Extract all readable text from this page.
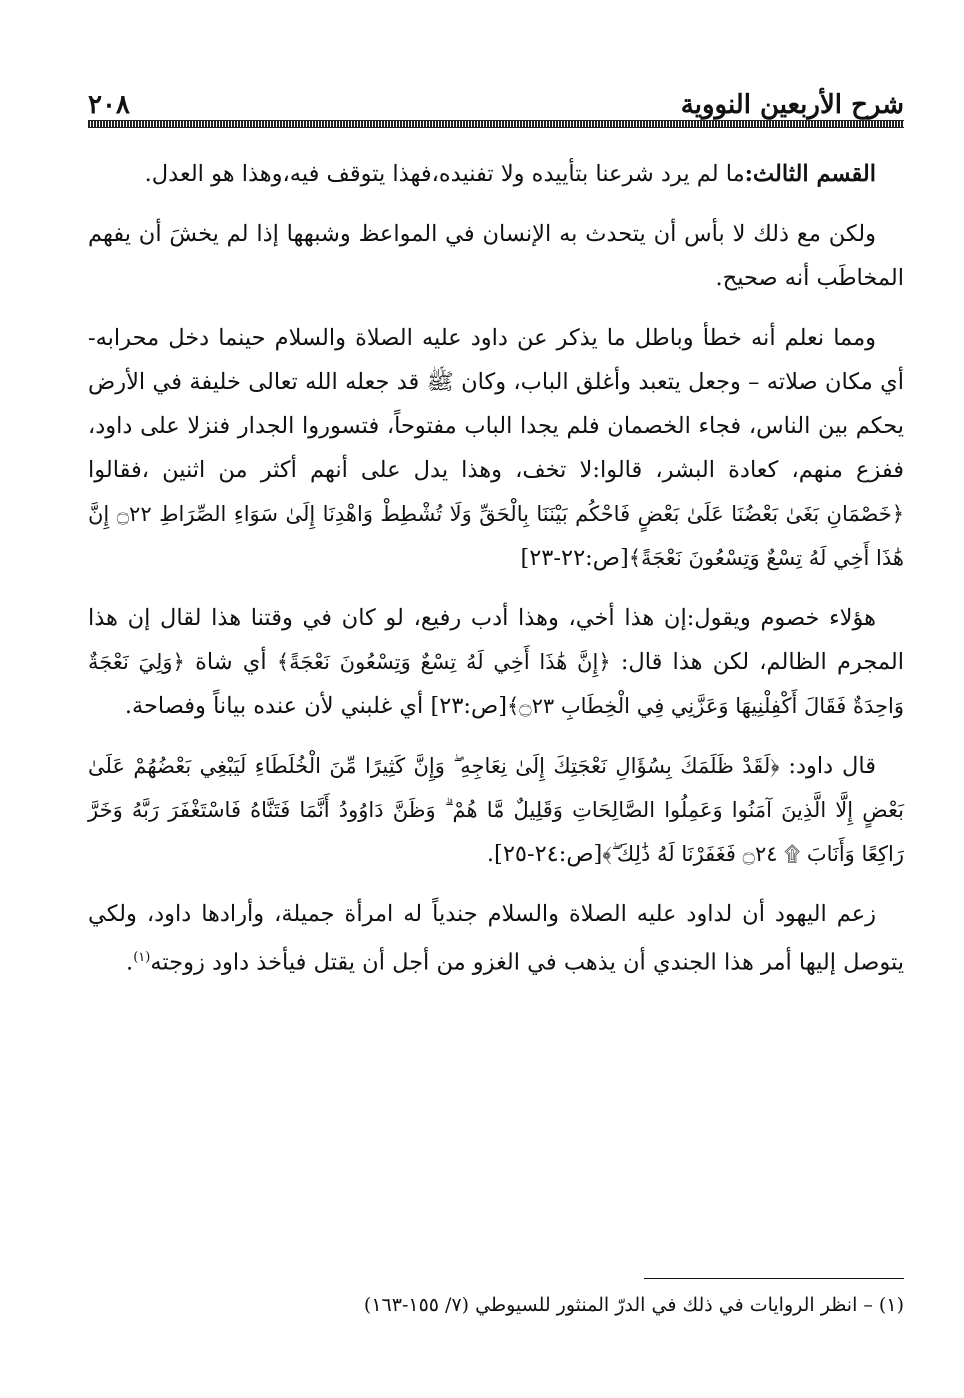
شرح الأربعين النووية
٢٠٨

القسم الثالث:ما لم يرد شرعنا بتأييده ولا تفنيده،فهذا يتوقف فيه،وهذا هو العدل.

ولكن مع ذلك لا بأس أن يتحدث به الإنسان في المواعظ وشبهها إذا لم يخشَ أن يفهم المخاطَب أنه صحيح.

ومما نعلم أنه خطأ وباطل ما يذكر عن داود عليه الصلاة والسلام حينما دخل محرابه- أي مكان صلاته – وجعل يتعبد وأغلق الباب، وكان ﷺ قد جعله الله تعالى خليفة في الأرض يحكم بين الناس، فجاء الخصمان فلم يجدا الباب مفتوحاً، فتسوروا الجدار فنزلا على داود، ففزع منهم، كعادة البشر، قالوا:لا تخف، وهذا يدل على أنهم أكثر من اثنين ،فقالوا ﴿خَصْمَانِ بَغَىٰ بَعْضُنَا عَلَىٰ بَعْضٍ فَاحْكُم بَيْنَنَا بِالْحَقِّ وَلَا تُشْطِطْ وَاهْدِنَا إِلَىٰ سَوَاءِ الصِّرَاطِ ۝٢٢ إِنَّ هَٰذَا أَخِي لَهُ تِسْعٌ وَتِسْعُونَ نَعْجَةً﴾[ص:٢٢-٢٣]

هؤلاء خصوم ويقول:إن هذا أخي، وهذا أدب رفيع، لو كان في وقتنا هذا لقال إن هذا المجرم الظالم، لكن هذا قال: ﴿إِنَّ هَٰذَا أَخِي لَهُ تِسْعٌ وَتِسْعُونَ نَعْجَةً﴾ أي شاة ﴿وَلِيَ نَعْجَةٌ وَاحِدَةٌ فَقَالَ أَكْفِلْنِيهَا وَعَزَّنِي فِي الْخِطَابِ ۝٢٣﴾[ص:٢٣] أي غلبني لأن عنده بياناً وفصاحة.

قال داود: ﴿لَقَدْ ظَلَمَكَ بِسُؤَالِ نَعْجَتِكَ إِلَىٰ نِعَاجِهِ ۖ وَإِنَّ كَثِيرًا مِّنَ الْخُلَطَاءِ لَيَبْغِي بَعْضُهُمْ عَلَىٰ بَعْضٍ إِلَّا الَّذِينَ آمَنُوا وَعَمِلُوا الصَّالِحَاتِ وَقَلِيلٌ مَّا هُمْ ۗ وَظَنَّ دَاوُودُ أَنَّمَا فَتَنَّاهُ فَاسْتَغْفَرَ رَبَّهُ وَخَرَّ رَاكِعًا وَأَنَابَ ۩ ۝٢٤ فَغَفَرْنَا لَهُ ذَٰلِكَ ۖ﴾[ص:٢٤-٢٥].

زعم اليهود أن لداود عليه الصلاة والسلام جندياً له امرأة جميلة، وأرادها داود، ولكي يتوصل إليها أمر هذا الجندي أن يذهب في الغزو من أجل أن يقتل فيأخذ داود زوجته$^{(١)}$.

(١) – انظر الروايات في ذلك في الدرّ المنثور للسيوطي (٧/ ١٥٥-١٦٣)
